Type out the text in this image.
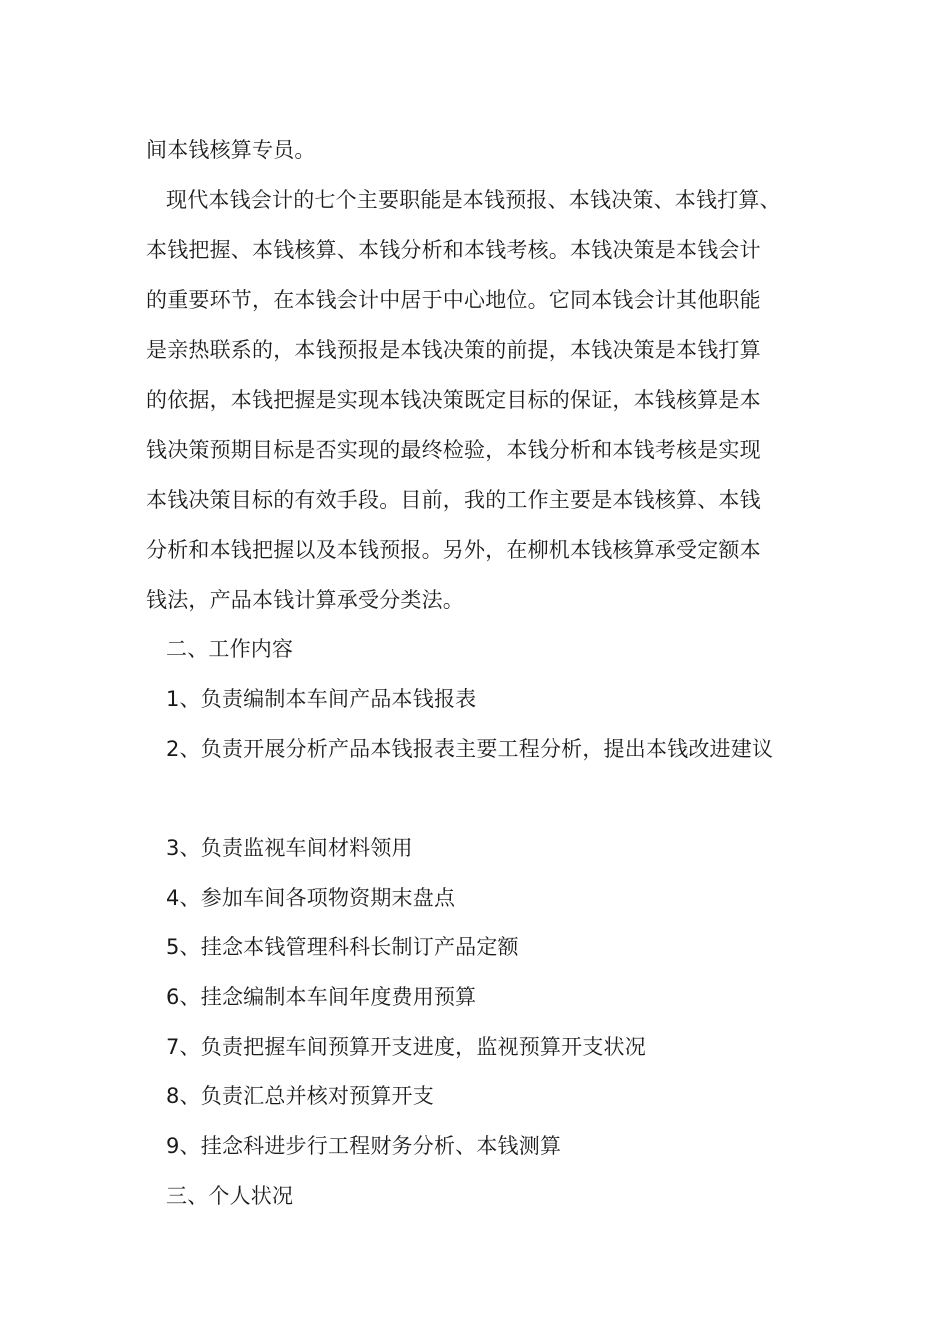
间本钱核算专员。
现代本钱会计的七个主要职能是本钱预报、本钱决策、本钱打算、
本钱把握、本钱核算、本钱分析和本钱考核。本钱决策是本钱会计
的重要环节，在本钱会计中居于中心地位。它同本钱会计其他职能
是亲热联系的，本钱预报是本钱决策的前提，本钱决策是本钱打算
的依据，本钱把握是实现本钱决策既定目标的保证，本钱核算是本
钱决策预期目标是否实现的最终检验，本钱分析和本钱考核是实现
本钱决策目标的有效手段。目前，我的工作主要是本钱核算、本钱
分析和本钱把握以及本钱预报。另外，在柳机本钱核算承受定额本
钱法，产品本钱计算承受分类法。
二、工作内容
1、负责编制本车间产品本钱报表
2、负责开展分析产品本钱报表主要工程分析，提出本钱改进建议
3、负责监视车间材料领用
4、参加车间各项物资期末盘点
5、挂念本钱管理科科长制订产品定额
6、挂念编制本车间年度费用预算
7、负责把握车间预算开支进度，监视预算开支状况
8、负责汇总并核对预算开支
9、挂念科进步行工程财务分析、本钱测算
三、个人状况
